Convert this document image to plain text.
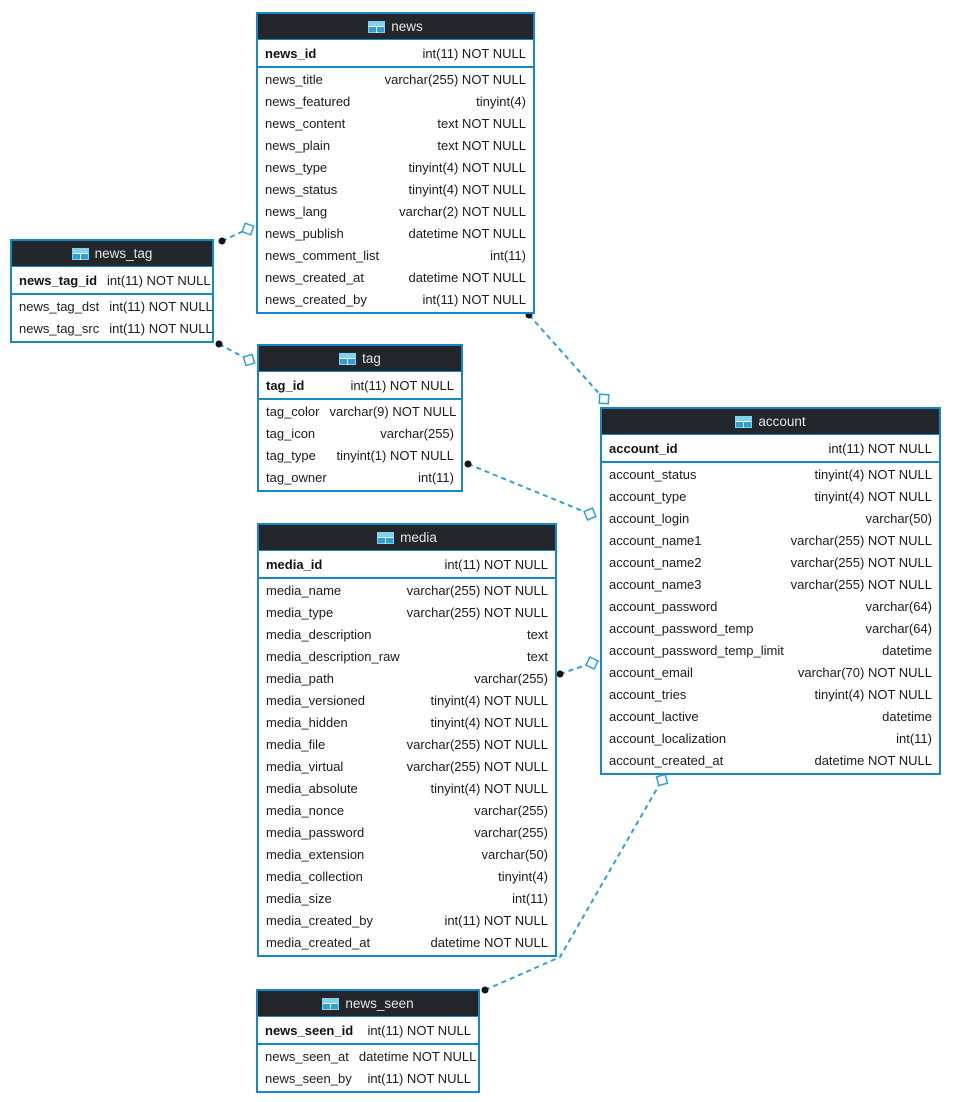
news
news_id	int(11) NOT NULL
news_title	varchar(255) NOT NULL
news_featured	tinyint(4)
news_content	text NOT NULL
news_plain	text NOT NULL
news_type	tinyint(4) NOT NULL
news_status	tinyint(4) NOT NULL
news_lang	varchar(2) NOT NULL
news_publish	datetime NOT NULL
news_comment_list	int(11)
news_created_at	datetime NOT NULL
news_created_by	int(11) NOT NULL
news_tag
news_tag_id int(11) NOT NULL
news_tag_dst int(11) NOT NULL
news_tag_src int(11) NOT NULL
tag
tag_id	int(11) NOT NULL
tag_color varchar(9) NOT NULL
tag_icon	varchar(255)
tag_type tinyint(1) NOT NULL
tag_owner	int(11)
media
media_id	int(11) NOT NULL
media_name	varchar(255) NOT NULL
media_type	varchar(255) NOT NULL
media_description	text
media_description_raw	text
media_path	varchar(255)
media_versioned	tinyint(4) NOT NULL
media_hidden	tinyint(4) NOT NULL
media_file	varchar(255) NOT NULL
media_virtual	varchar(255) NOT NULL
media_absolute	tinyint(4) NOT NULL
media_nonce	varchar(255)
media_password	varchar(255)
media_extension	varchar(50)
media_collection	tinyint(4)
media_size	int(11)
media_created_by	int(11) NOT NULL
media_created_at	datetime NOT NULL
account
account_id	int(11) NOT NULL
account_status	tinyint(4) NOT NULL
account_type	tinyint(4) NOT NULL
account_login	varchar(50)
account_name1	varchar(255) NOT NULL
account_name2	varchar(255) NOT NULL
account_name3	varchar(255) NOT NULL
account_password	varchar(64)
account_password_temp	varchar(64)
account_password_temp_limit	datetime
account_email	varchar(70) NOT NULL
account_tries	tinyint(4) NOT NULL
account_lactive	datetime
account_localization	int(11)
account_created_at	datetime NOT NULL
news_seen
news_seen_id int(11) NOT NULL
news_seen_at datetime NOT NULL
news_seen_by int(11) NOT NULL
